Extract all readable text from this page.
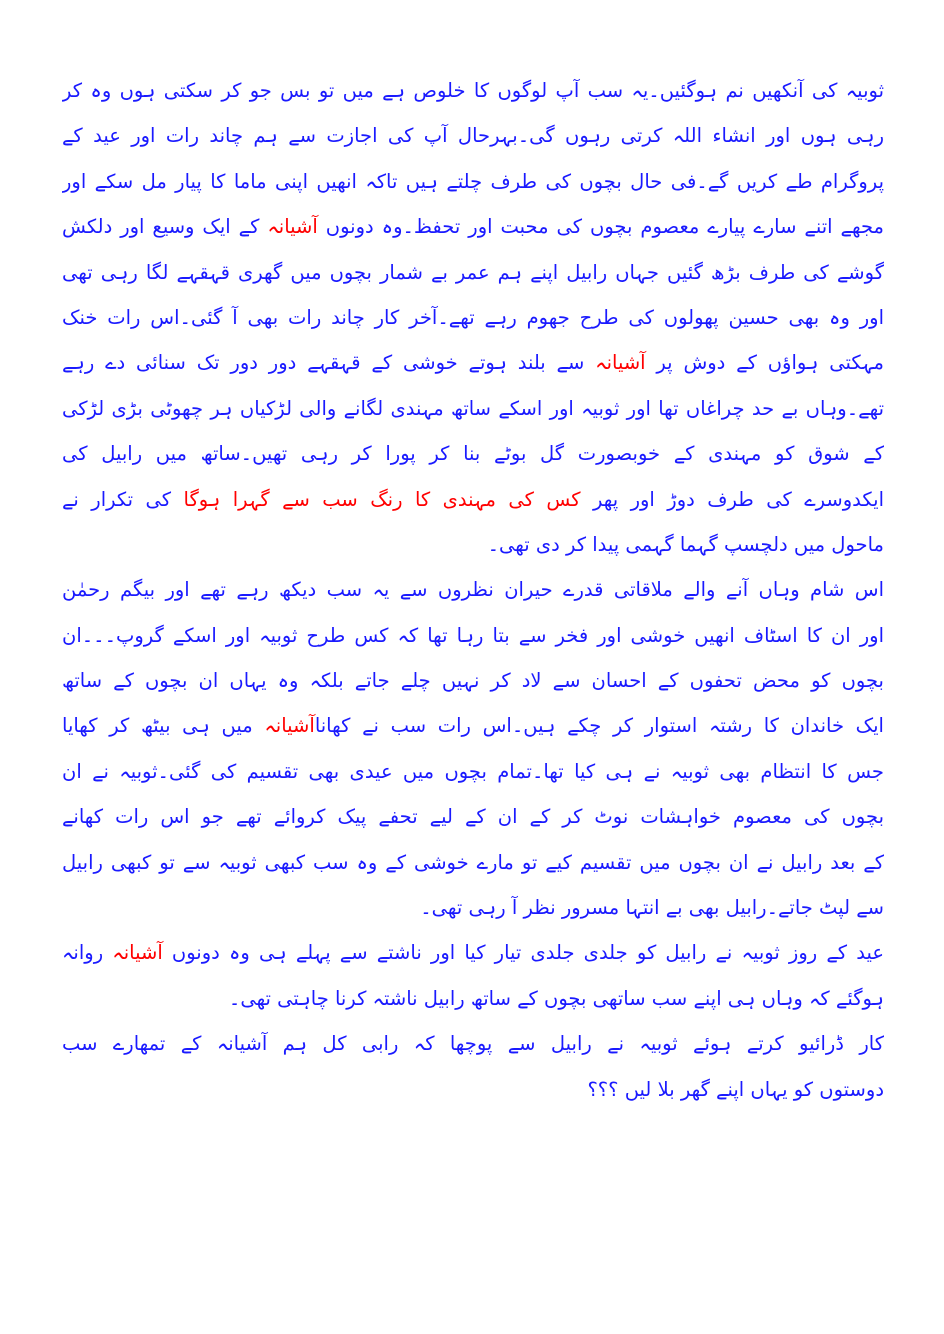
ثوبیہ کی آنکھیں نم ہوگئیں۔یہ سب آپ لوگوں کا خلوص ہے میں تو بس جو کر سکتی ہوں وہ کر
رہی ہوں اور انشاء اللہ کرتی رہوں گی۔بہرحال آپ کی اجازت سے ہم چاند رات اور عید کے
پروگرام طے کریں گے۔فی حال بچوں کی طرف چلتے ہیں تاکہ انھیں اپنی ماما کا پیار مل سکے اور
مجھے اتنے سارے پیارے معصوم بچوں کی محبت اور تحفظ۔وہ دونوں آشیانہ کے ایک وسیع اور دلکش
گوشے کی طرف بڑھ گئیں جہاں رابیل اپنے ہم عمر بے شمار بچوں میں گھری قہقہے لگا رہی تھی
اور وہ بھی حسین پھولوں کی طرح جھوم رہے تھے۔آخر کار چاند رات بھی آ گئی۔اس رات خنک
مہکتی ہواؤں کے دوش پر آشیانہ سے بلند ہوتے خوشی کے قہقہے دور دور تک سنائی دے رہے
تھے۔وہاں بے حد چراغاں تھا اور ثوبیہ اور اسکے ساتھ مہندی لگانے والی لڑکیاں ہر چھوٹی بڑی لڑکی
کے شوق کو مہندی کے خوبصورت گل بوٹے بنا کر پورا کر رہی تھیں۔ساتھ میں رابیل کی
ایکدوسرے کی طرف دوڑ اور پھر کس کی مہندی کا رنگ سب سے گہرا ہوگا کی تکرار نے
ماحول میں دلچسپ گہما گہمی پیدا کر دی تھی۔
اس شام وہاں آنے والے ملاقاتی قدرے حیران نظروں سے یہ سب دیکھ رہے تھے اور بیگم رحمٰن
اور ان کا اسٹاف انھیں خوشی اور فخر سے بتا رہا تھا کہ کس طرح ثوبیہ اور اسکے گروپ۔۔۔ان
بچوں کو محض تحفوں کے احسان سے لاد کر نہیں چلے جاتے بلکہ وہ یہاں ان بچوں کے ساتھ
ایک خاندان کا رشتہ استوار کر چکے ہیں۔اس رات سب نے کھاناآشیانہ میں ہی بیٹھ کر کھایا
جس کا انتظام بھی ثوبیہ نے ہی کیا تھا۔تمام بچوں میں عیدی بھی تقسیم کی گئی۔ثوبیہ نے ان
بچوں کی معصوم خواہشات نوٹ کر کے ان کے لیے تحفے پیک کروائے تھے جو اس رات کھانے
کے بعد رابیل نے ان بچوں میں تقسیم کیے تو مارے خوشی کے وہ سب کبھی ثوبیہ سے تو کبھی رابیل
سے لپٹ جاتے۔رابیل بھی بے انتہا مسرور نظر آ رہی تھی۔
عید کے روز ثوبیہ نے رابیل کو جلدی جلدی تیار کیا اور ناشتے سے پہلے ہی وہ دونوں آشیانہ روانہ
ہوگئے کہ وہاں ہی اپنے سب ساتھی بچوں کے ساتھ رابیل ناشتہ کرنا چاہتی تھی۔
کار ڈرائیو کرتے ہوئے ثوبیہ نے رابیل سے پوچھا کہ رابی کل ہم آشیانہ کے تمھارے سب
دوستوں کو یہاں اپنے گھر بلا لیں ؟؟؟
